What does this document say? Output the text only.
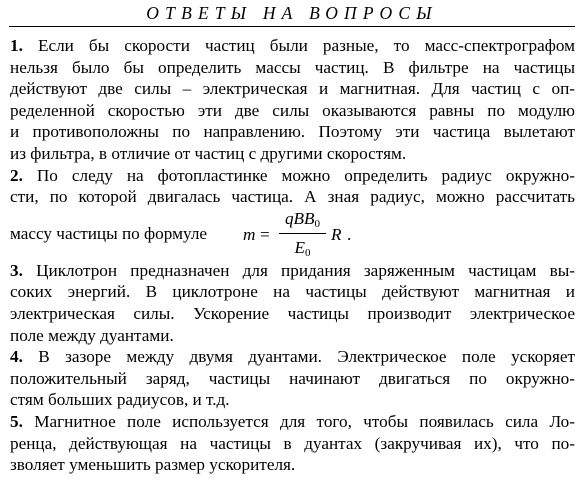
ОТВЕТЫ НА ВОПРОСЫ
1. Если бы скорости частиц были разные, то масс-спектрографом
нельзя было бы определить массы частиц. В фильтре на частицы
действуют две силы – электрическая и магнитная. Для частиц с оп-
ределенной скоростью эти две силы оказываются равны по модулю
и противоположны по направлению. Поэтому эти частица вылетают
из фильтра, в отличие от частиц с другими скоростям.
2. По следу на фотопластинке можно определить радиус окружно-
сти, по которой двигалась частица. А зная радиус, можно рассчитать
массу частицы по формуле m =
qBB$_0$
$E_0$
R .
3. Циклотрон предназначен для придания заряженным частицам вы-
соких энергий. В циклотроне на частицы действуют магнитная и
электрическая силы. Ускорение частицы производит электрическое
поле между дуантами.
4. В зазоре между двумя дуантами. Электрическое поле ускоряет
положительный заряд, частицы начинают двигаться по окружно-
стям больших радиусов, и т.д.
5. Магнитное поле используется для того, чтобы появилась сила Ло-
ренца, действующая на частицы в дуантах (закручивая их), что по-
зволяет уменьшить размер ускорителя.
